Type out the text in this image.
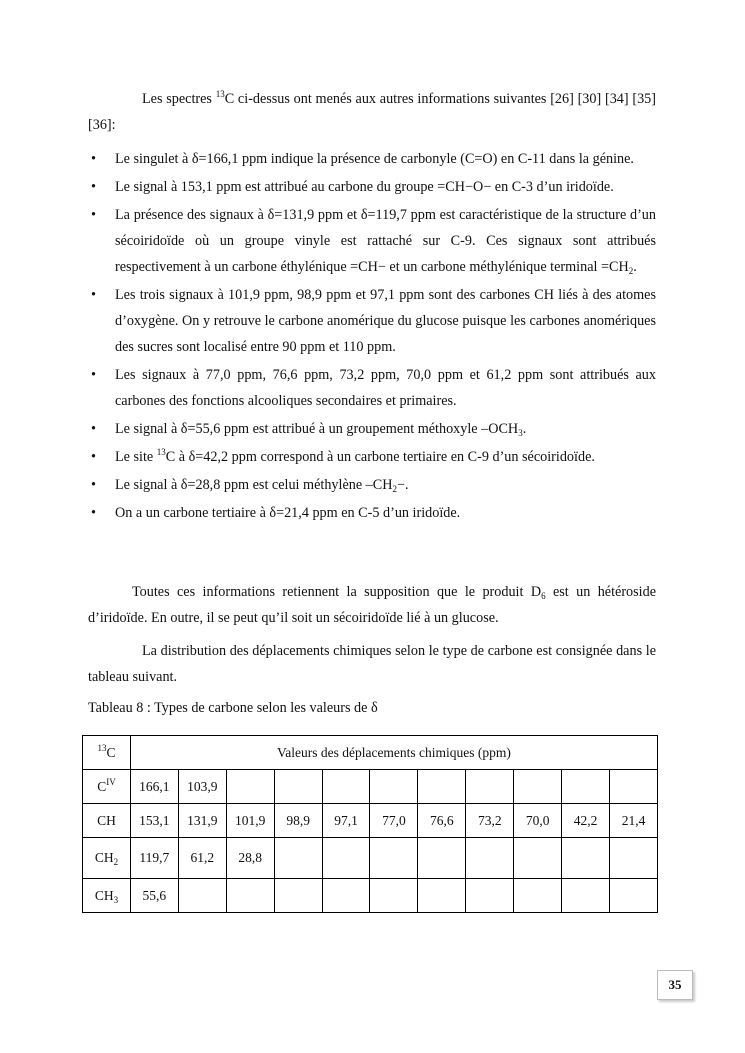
Les spectres $^{13}$C ci-dessus ont menés aux autres informations suivantes [26] [30] [34] [35] [36]:
• Le singulet à δ=166,1 ppm indique la présence de carbonyle (C=O) en C-11 dans la génine.
• Le signal à 153,1 ppm est attribué au carbone du groupe =CH−O− en C-3 d’un iridoïde.
• La présence des signaux à δ=131,9 ppm et δ=119,7 ppm est caractéristique de la structure d’un sécoiridoïde où un groupe vinyle est rattaché sur C-9. Ces signaux sont attribués respectivement à un carbone éthylénique =CH− et un carbone méthylénique terminal $=CH_2$.
• Les trois signaux à 101,9 ppm, 98,9 ppm et 97,1 ppm sont des carbones CH liés à des atomes d’oxygène. On y retrouve le carbone anomérique du glucose puisque les carbones anomériques des sucres sont localisé entre 90 ppm et 110 ppm.
• Les signaux à 77,0 ppm, 76,6 ppm, 73,2 ppm, 70,0 ppm et 61,2 ppm sont attribués aux carbones des fonctions alcooliques secondaires et primaires.
• Le signal à δ=55,6 ppm est attribué à un groupement méthoxyle $-OCH_3$.
• Le site $^{13}$C à δ=42,2 ppm correspond à un carbone tertiaire en C-9 d’un sécoiridoïde.
• Le signal à δ=28,8 ppm est celui méthylène $-CH_2-$.
• On a un carbone tertiaire à δ=21,4 ppm en C-5 d’un iridoïde.
Toutes ces informations retiennent la supposition que le produit $D_6$ est un hétéroside d’iridoïde. En outre, il se peut qu’il soit un sécoiridoïde lié à un glucose.
La distribution des déplacements chimiques selon le type de carbone est consignée dans le tableau suivant.
Tableau 8 : Types de carbone selon les valeurs de δ
$^{13}$C	Valeurs des déplacements chimiques (ppm)										
$C^{IV}$	166,1	103,9									
CH	153,1	131,9	101,9	98,9	97,1	77,0	76,6	73,2	70,0	42,2	21,4
$CH_2$	119,7	61,2	28,8								
$CH_3$	55,6										
35
